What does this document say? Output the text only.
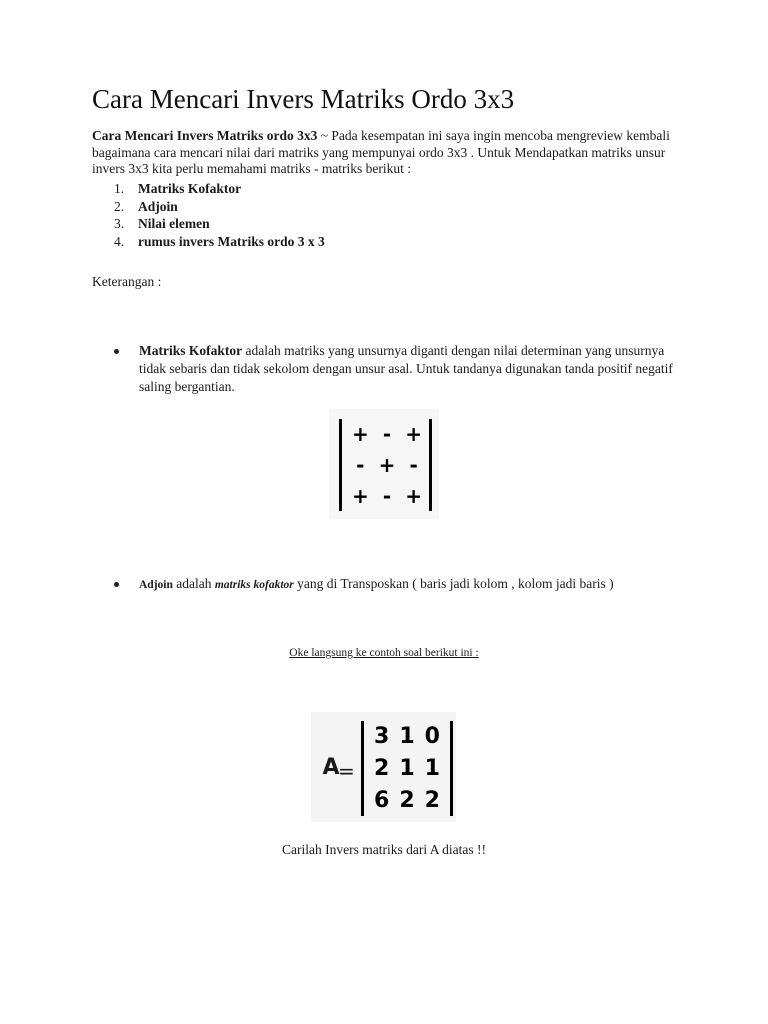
Cara Mencari Invers Matriks Ordo 3x3

Cara Mencari Invers Matriks ordo 3x3 ~ Pada kesempatan ini saya ingin mencoba mengreview kembali bagaimana cara mencari nilai dari matriks yang mempunyai ordo 3x3 . Untuk Mendapatkan matriks unsur invers 3x3 kita perlu memahami matriks - matriks berikut :

1. Matriks Kofaktor
2. Adjoin
3. Nilai elemen
4. rumus invers Matriks ordo 3 x 3

Keterangan :

Matriks Kofaktor adalah matriks yang unsurnya diganti dengan nilai determinan yang unsurnya tidak sebaris dan tidak sekolom dengan unsur asal. Untuk tandanya digunakan tanda positif negatif saling bergantian.
+ - +
- + -
+ - +
Adjoin adalah matriks kofaktor yang di Transposkan ( baris jadi kolom , kolom jadi baris )

Oke langsung ke contoh soal berikut ini :

A
=
3 1 0
2 1 1
6 2 2

Carilah Invers matriks dari A diatas !!
